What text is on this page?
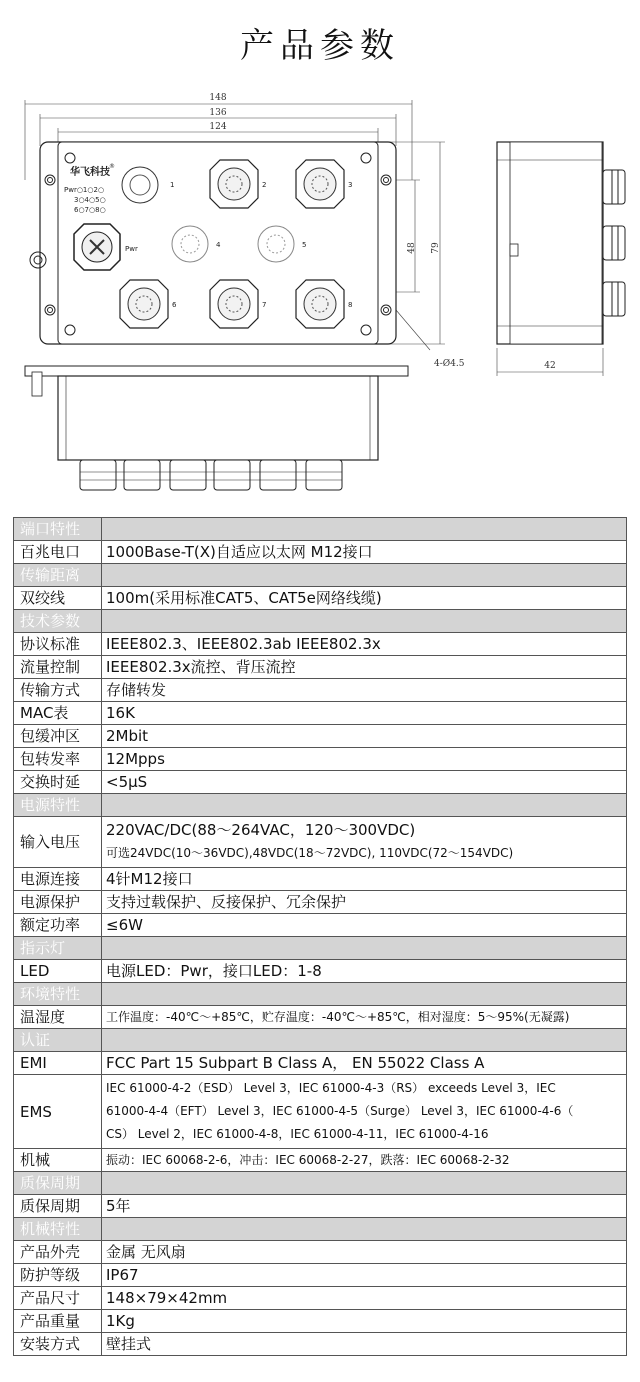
产品参数
148
136
124
48 79
4-Ø4.5
华飞科技
®
Pwr○1○2○
3○4○5○
6○7○8○
Pwr
1	2	3
4	5
6	7	8
42
端口特性	
百兆电口	1000Base-T(X)自适应以太网 M12接口
传输距离	
双绞线	100m(采用标准CAT5、CAT5e网络线缆)
技术参数	
协议标准	IEEE802.3、IEEE802.3ab IEEE802.3x
流量控制	IEEE802.3x流控、背压流控
传输方式	存储转发
MAC表	16K
包缓冲区	2Mbit
包转发率	12Mpps
交换时延	<5μS
电源特性	
输入电压	220VAC/DC(88～264VAC，120～300VDC)
可选24VDC(10～36VDC),48VDC(18～72VDC), 110VDC(72～154VDC)

电源连接	4针M12接口
电源保护	支持过载保护、反接保护、冗余保护
额定功率	≤6W
指示灯	
LED	电源LED：Pwr，接口LED：1-8
环境特性	
温湿度	工作温度：-40℃～+85℃，贮存温度：-40℃～+85℃，相对湿度：5～95%(无凝露)
认证	
EMI	FCC Part 15 Subpart B Class A， EN 55022 Class A
EMS	IEC 61000-4-2（ESD） Level 3，IEC 61000-4-3（RS） exceeds Level 3，IEC
61000-4-4（EFT） Level 3，IEC 61000-4-5（Surge） Level 3，IEC 61000-4-6（
CS） Level 2，IEC 61000-4-8，IEC 61000-4-11，IEC 61000-4-16

机械	振动：IEC 60068-2-6，冲击：IEC 60068-2-27，跌落：IEC 60068-2-32
质保周期	
质保周期	5年
机械特性	
产品外壳	金属 无风扇
防护等级	IP67
产品尺寸	148×79×42mm
产品重量	1Kg
安装方式	壁挂式
